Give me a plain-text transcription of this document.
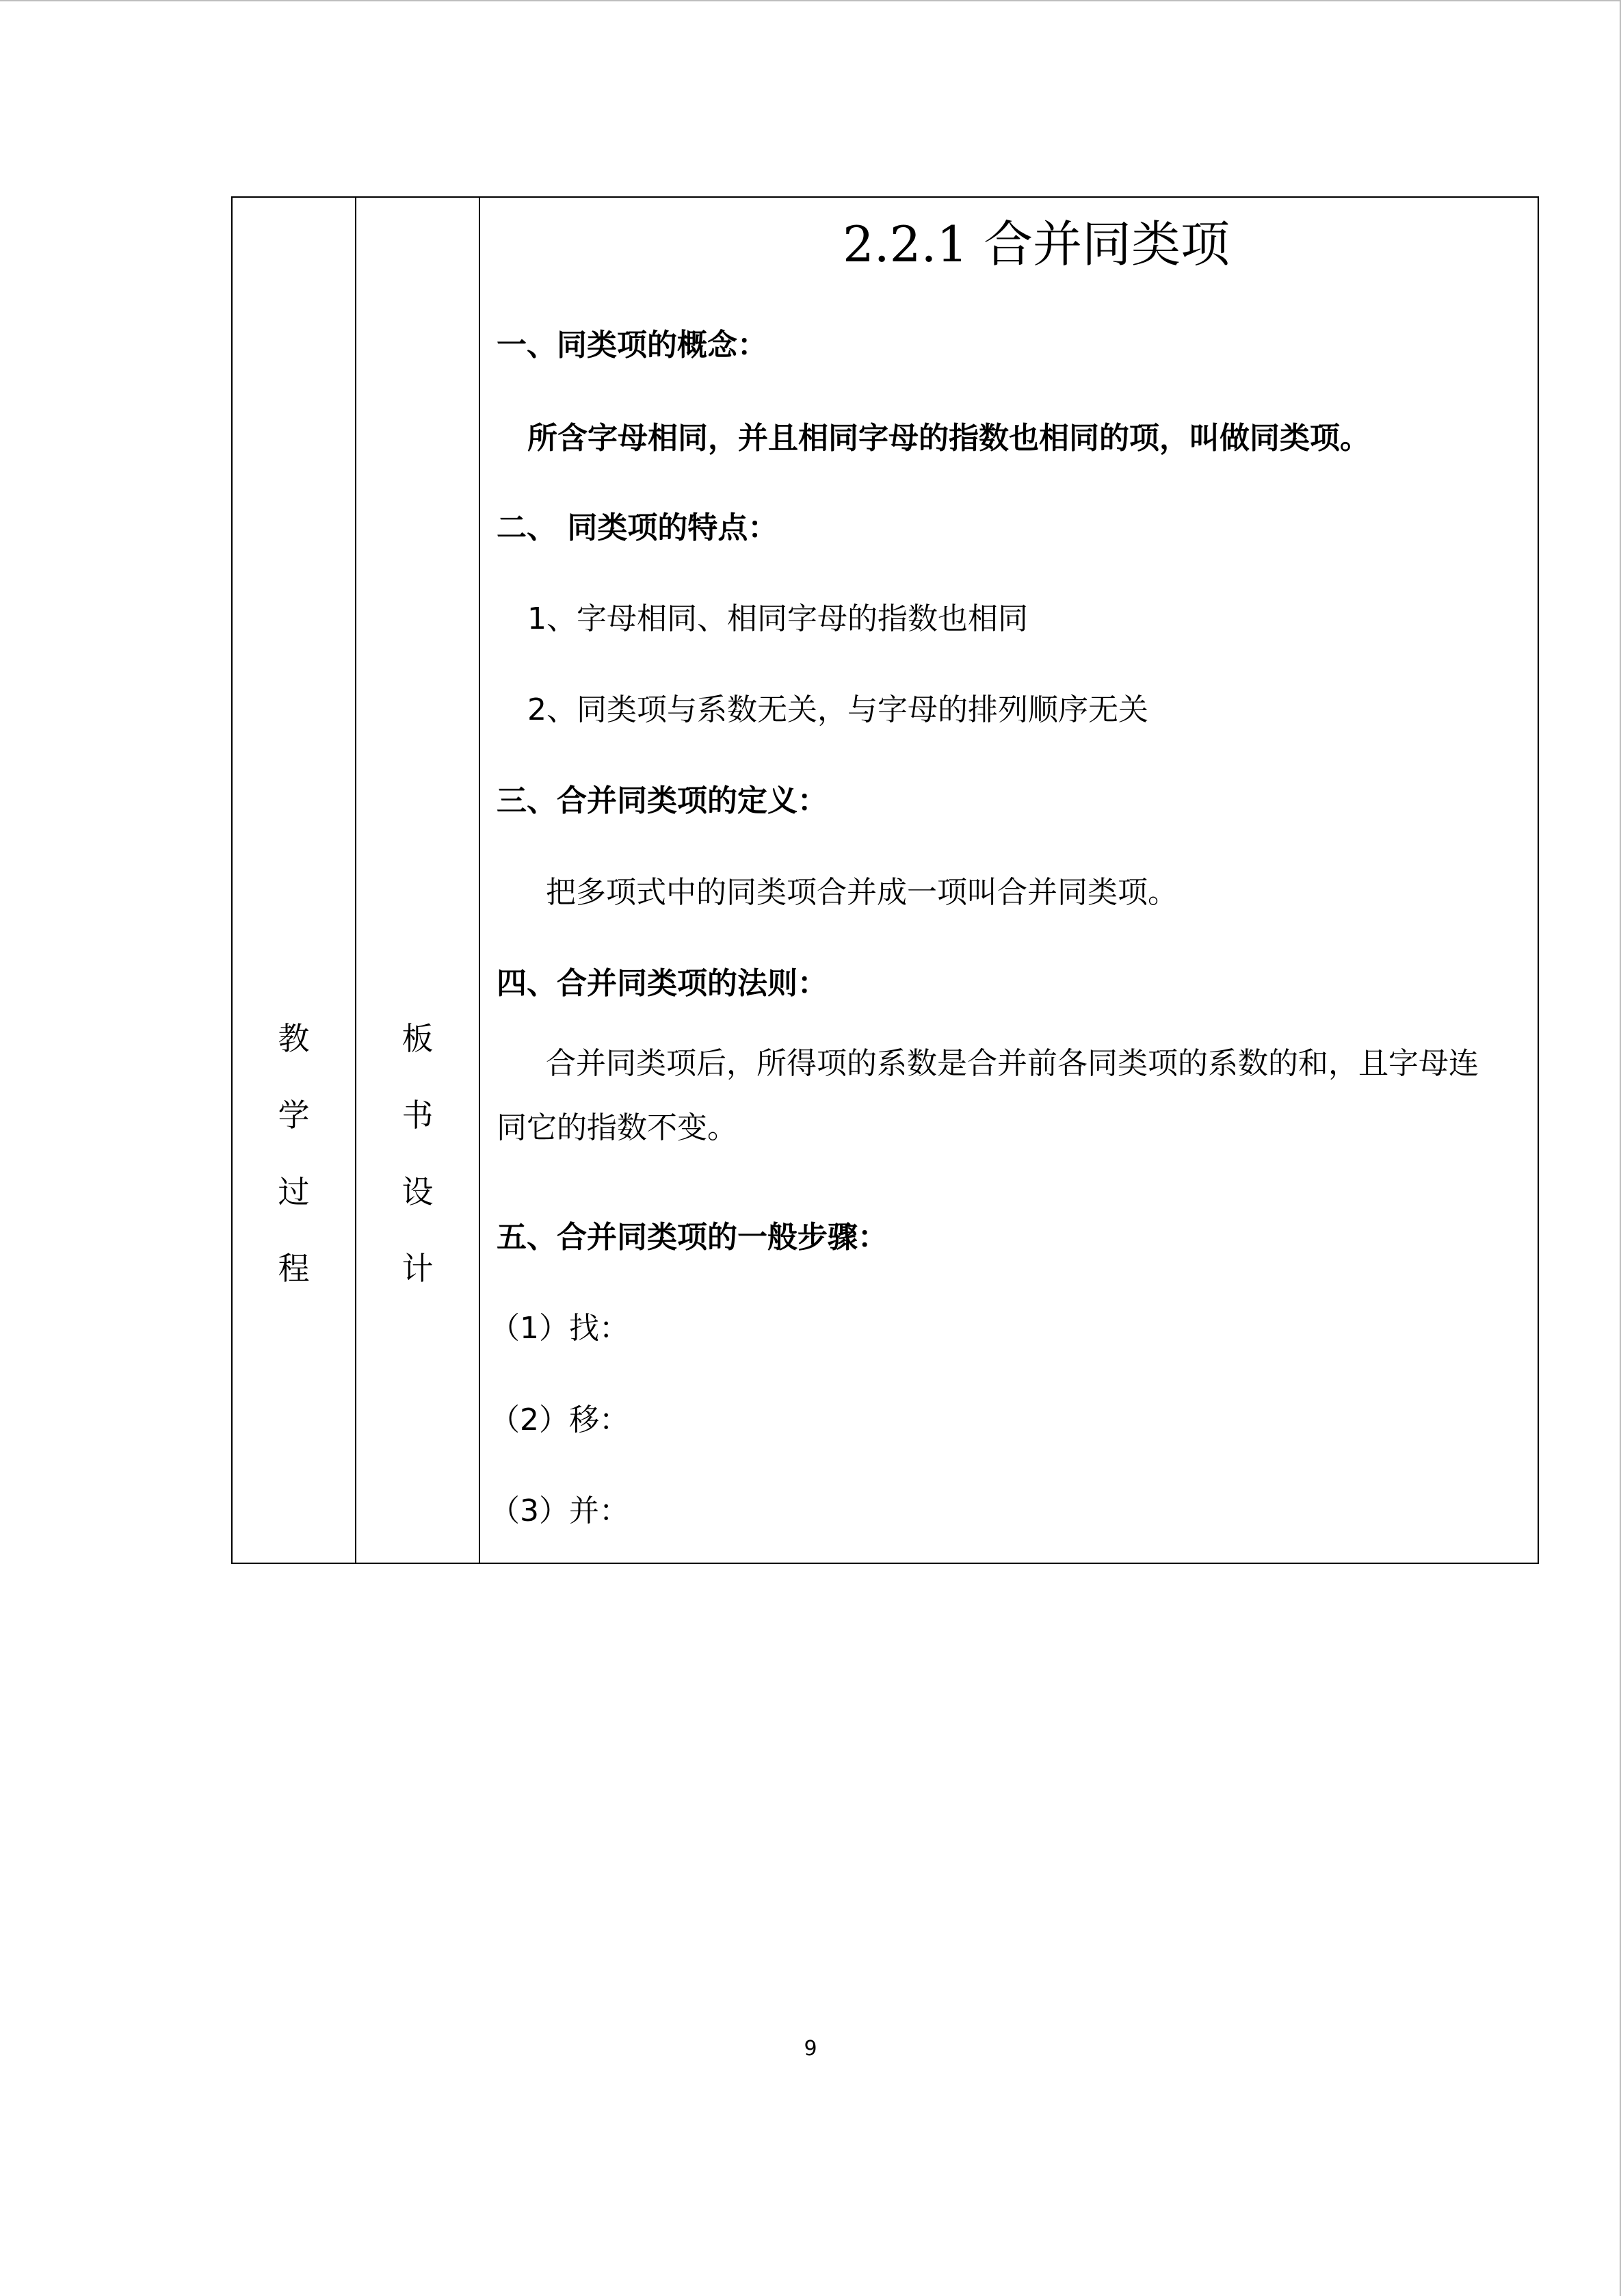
教
学
过
程
板
书
设
计
2.2.1 合并同类项
一、同类项的概念：
所含字母相同，并且相同字母的指数也相同的项，叫做同类项。
二、 同类项的特点：
1、字母相同、相同字母的指数也相同
2、同类项与系数无关，与字母的排列顺序无关
三、合并同类项的定义：
把多项式中的同类项合并成一项叫合并同类项。
四、合并同类项的法则：
合并同类项后，所得项的系数是合并前各同类项的系数的和，且字母连同它的指数不变。
五、合并同类项的一般步骤：
（1）找：
（2）移：
（3）并：
9
